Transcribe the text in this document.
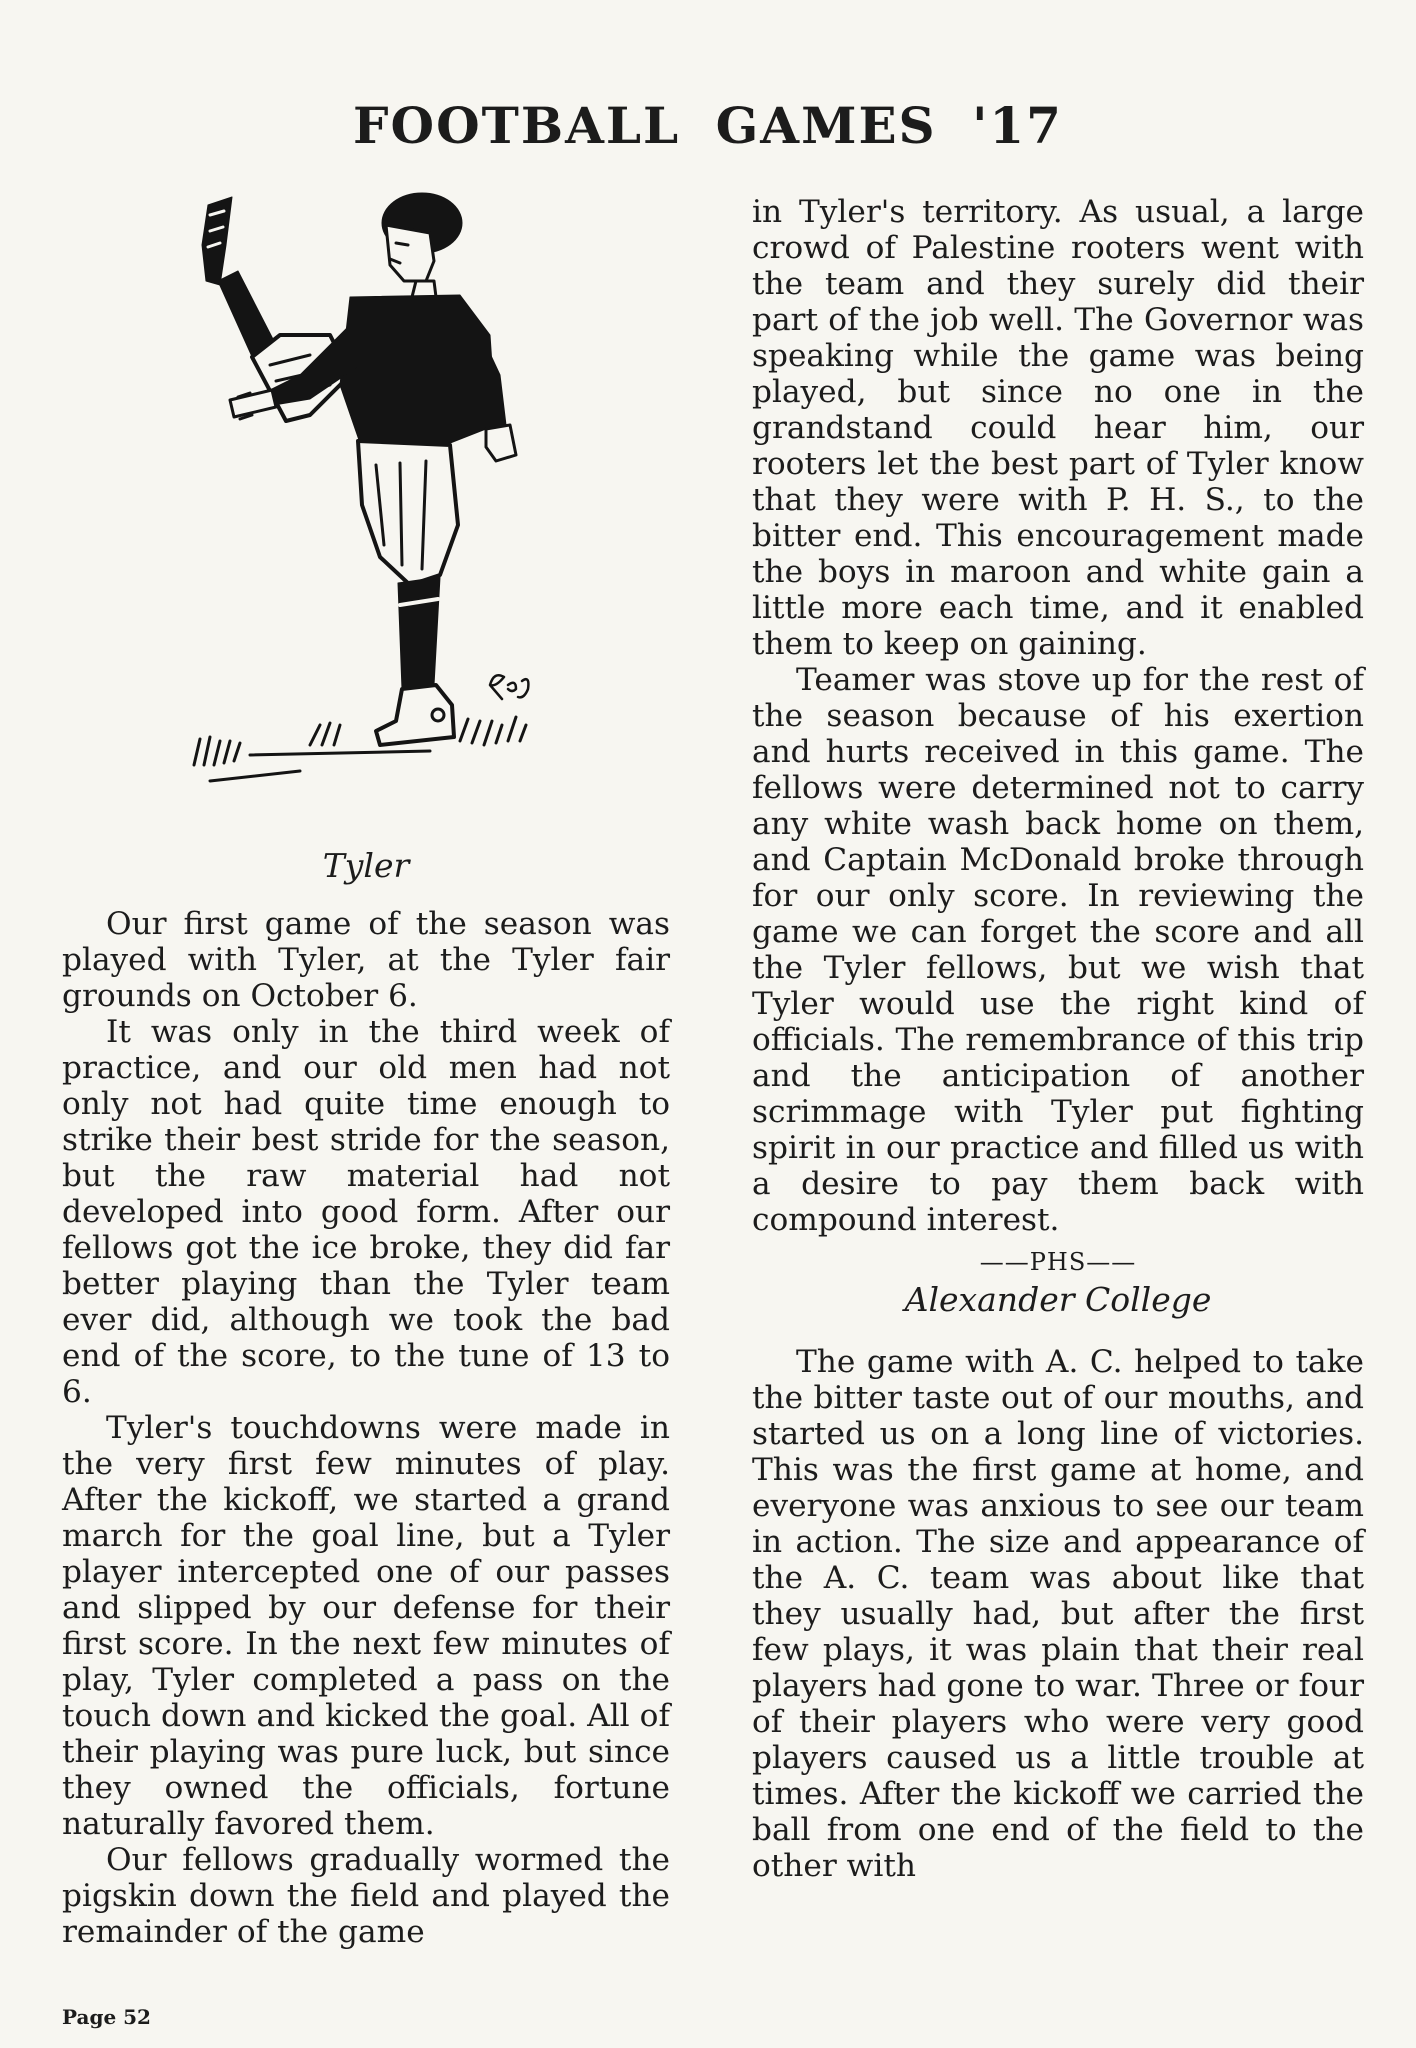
FOOTBALL GAMES '17
Tyler

Our first game of the season was played with Tyler, at the Tyler fair grounds on October 6.

It was only in the third week of practice, and our old men had not only not had quite time enough to strike their best stride for the season, but the raw material had not developed into good form. After our fellows got the ice broke, they did far better playing than the Tyler team ever did, although we took the bad end of the score, to the tune of 13 to 6.

Tyler's touchdowns were made in the very first few minutes of play. After the kickoff, we started a grand march for the goal line, but a Tyler player intercepted one of our passes and slipped by our defense for their first score. In the next few minutes of play, Tyler completed a pass on the touch down and kicked the goal. All of their playing was pure luck, but since they owned the officials, fortune naturally favored them.

Our fellows gradually wormed the pigskin down the field and played the remainder of the game

in Tyler's territory. As usual, a large crowd of Palestine rooters went with the team and they surely did their part of the job well. The Governor was speaking while the game was being played, but since no one in the grandstand could hear him, our rooters let the best part of Tyler know that they were with P. H. S., to the bitter end. This encouragement made the boys in maroon and white gain a little more each time, and it enabled them to keep on gaining.

Teamer was stove up for the rest of the season because of his exertion and hurts received in this game. The fellows were determined not to carry any white wash back home on them, and Captain McDonald broke through for our only score. In reviewing the game we can forget the score and all the Tyler fellows, but we wish that Tyler would use the right kind of officials. The remembrance of this trip and the anticipation of another scrimmage with Tyler put fighting spirit in our practice and filled us with a desire to pay them back with compound interest.

——PHS——

Alexander College

The game with A. C. helped to take the bitter taste out of our mouths, and started us on a long line of victories. This was the first game at home, and everyone was anxious to see our team in action. The size and appearance of the A. C. team was about like that they usually had, but after the first few plays, it was plain that their real players had gone to war. Three or four of their players who were very good players caused us a little trouble at times. After the kickoff we carried the ball from one end of the field to the other with

Page 52
